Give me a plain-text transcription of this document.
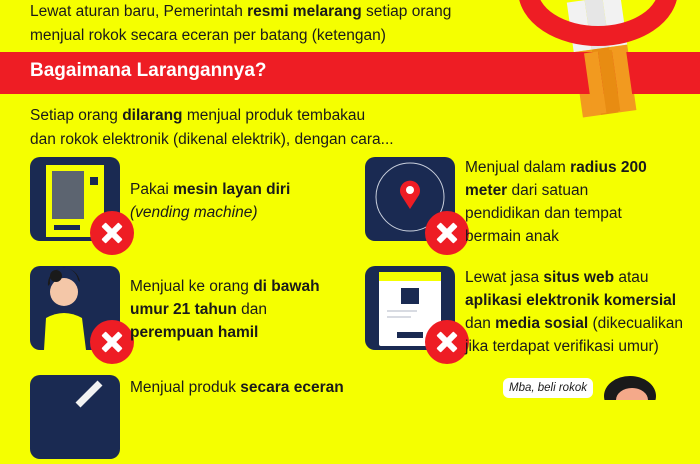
Lewat aturan baru, Pemerintah resmi melarang setiap orang
menjual rokok secara eceran per batang (ketengan)
Bagaimana Larangannya?
Setiap orang dilarang menjual produk tembakau
dan rokok elektronik (dikenal elektrik), dengan cara...
Pakai mesin layan diri
(vending machine)
Menjual dalam radius 200 meter dari satuan pendidikan dan tempat bermain anak
Menjual ke orang di bawah umur 21 tahun dan perempuan hamil
Lewat jasa situs web atau aplikasi elektronik komersial dan media sosial (dikecualikan jika terdapat verifikasi umur)
Menjual produk secara eceran	Mba, beli rokok
